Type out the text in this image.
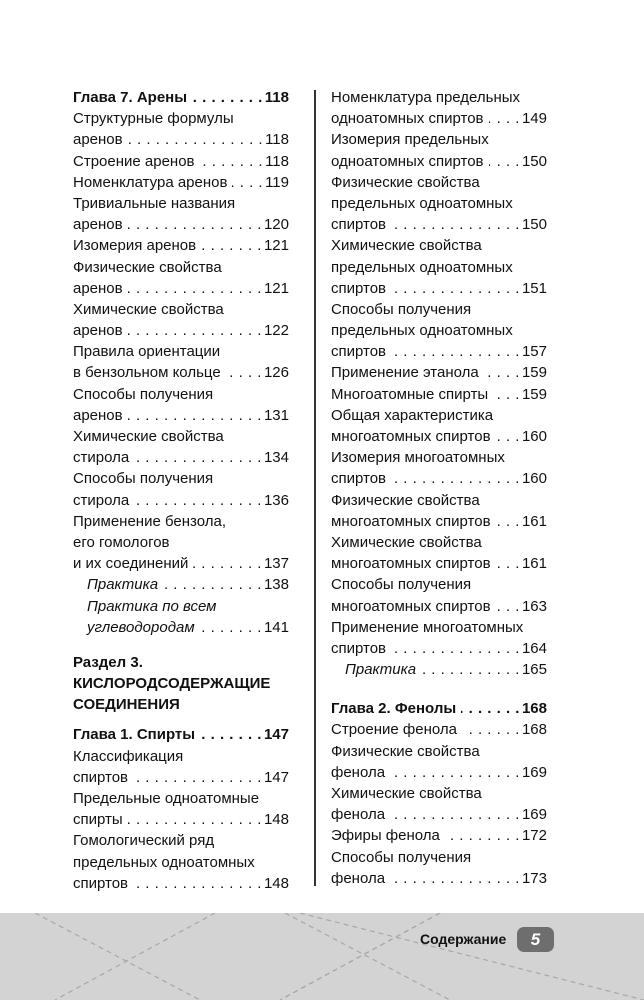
Глава 7. Арены . . .	118
Структурные формулы
аренов . . .	118
Строение аренов . . .	118
Номенклатура аренов . . .	119
Тривиальные названия
аренов . . .	120
Изомерия аренов . . .	121
Физические свойства
аренов . . .	121
Химические свойства
аренов . . .	122
Правила ориентации
в бензольном кольце . . .	126
Способы получения
аренов . . .	131
Химические свойства
стирола . . .	134
Способы получения
стирола . . .	136
Применение бензола,
его гомологов
и их соединений . . .	137
Практика . . .	138
Практика по всем
углеводородам . . .	141
Раздел 3.
КИСЛОРОДСОДЕРЖАЩИЕ
СОЕДИНЕНИЯ
Глава 1. Спирты . . .	147
Классификация
спиртов . . .	147
Предельные одноатомные
спирты . . .	148
Гомологический ряд
предельных одноатомных
спиртов . . .	148
Номенклатура предельных
одноатомных спиртов . . .	149
Изомерия предельных
одноатомных спиртов . . .	150
Физические свойства
предельных одноатомных
спиртов . . .	150
Химические свойства
предельных одноатомных
спиртов . . .	151
Способы получения
предельных одноатомных
спиртов . . .	157
Применение этанола . . .	159
Многоатомные спирты . . . 159
Общая характеристика
многоатомных спиртов . . . 160
Изомерия многоатомных
спиртов . . .	160
Физические свойства
многоатомных спиртов . . . 161
Химические свойства
многоатомных спиртов . . . 161
Способы получения
многоатомных спиртов . . . 163
Применение многоатомных
спиртов . . .	164
Практика . . .	165
Глава 2. Фенолы . . .	168
Строение фенола . . .	168
Физические свойства
фенола . . .	169
Химические свойства
фенола . . .	169
Эфиры фенола . . .	172
Способы получения
фенола . . .	173
Содержание	5
